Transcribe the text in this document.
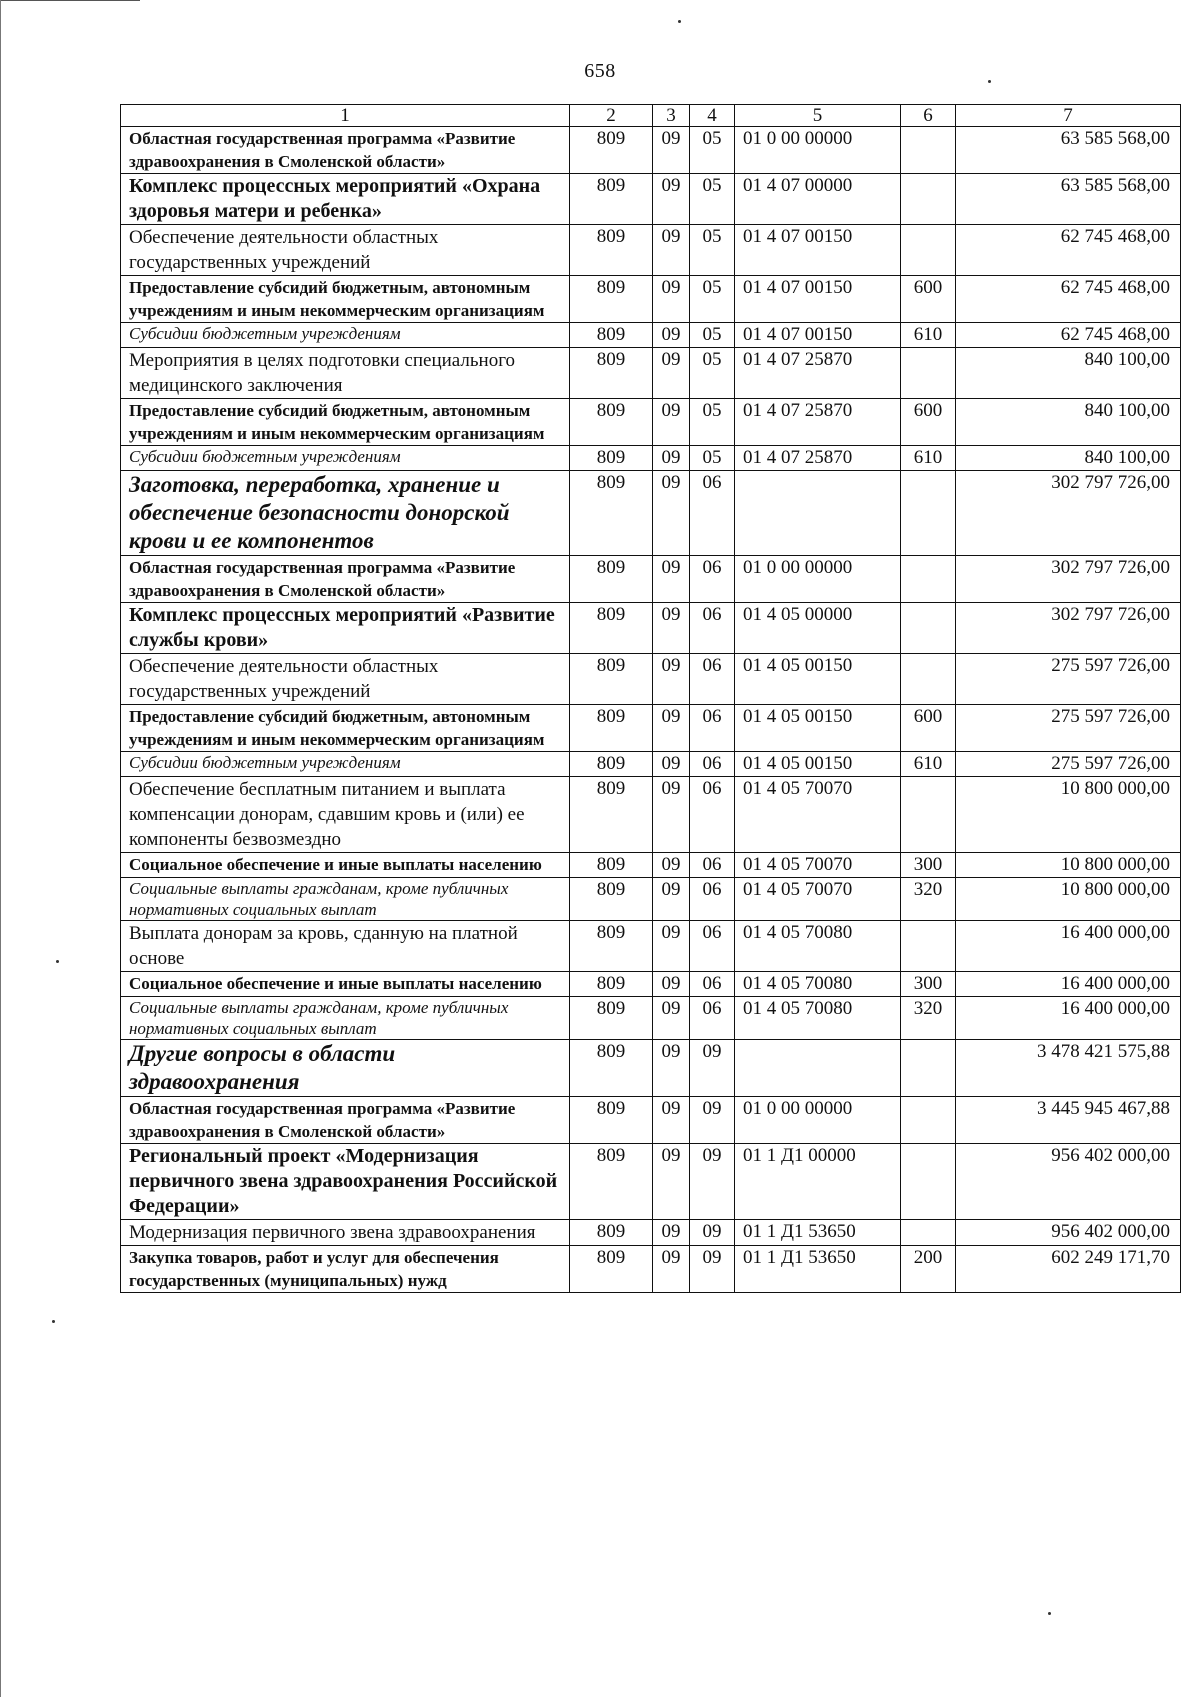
658
1	2	3	4	5	6	7
Областная государственная программа «Развитие здравоохранения в Смоленской области»	809	09	05	01 0 00 00000		63 585 568,00
Комплекс процессных мероприятий «Охрана здоровья матери и ребенка»	809	09	05	01 4 07 00000		63 585 568,00
Обеспечение деятельности областных государственных учреждений	809	09	05	01 4 07 00150		62 745 468,00
Предоставление субсидий бюджетным, автономным учреждениям и иным некоммерческим организациям	809	09	05	01 4 07 00150	600	62 745 468,00
Субсидии бюджетным учреждениям	809	09	05	01 4 07 00150	610	62 745 468,00
Мероприятия в целях подготовки специального медицинского заключения	809	09	05	01 4 07 25870		840 100,00
Предоставление субсидий бюджетным, автономным учреждениям и иным некоммерческим организациям	809	09	05	01 4 07 25870	600	840 100,00
Субсидии бюджетным учреждениям	809	09	05	01 4 07 25870	610	840 100,00
Заготовка, переработка, хранение и обеспечение безопасности донорской крови и ее компонентов	809	09	06			302 797 726,00
Областная государственная программа «Развитие здравоохранения в Смоленской области»	809	09	06	01 0 00 00000		302 797 726,00
Комплекс процессных мероприятий «Развитие службы крови»	809	09	06	01 4 05 00000		302 797 726,00
Обеспечение деятельности областных государственных учреждений	809	09	06	01 4 05 00150		275 597 726,00
Предоставление субсидий бюджетным, автономным учреждениям и иным некоммерческим организациям	809	09	06	01 4 05 00150	600	275 597 726,00
Субсидии бюджетным учреждениям	809	09	06	01 4 05 00150	610	275 597 726,00
Обеспечение бесплатным питанием и выплата компенсации донорам, сдавшим кровь и (или) ее компоненты безвозмездно	809	09	06	01 4 05 70070		10 800 000,00
Социальное обеспечение и иные выплаты населению	809	09	06	01 4 05 70070	300	10 800 000,00
Социальные выплаты гражданам, кроме публичных нормативных социальных выплат	809	09	06	01 4 05 70070	320	10 800 000,00
Выплата донорам за кровь, сданную на платной основе	809	09	06	01 4 05 70080		16 400 000,00
Социальное обеспечение и иные выплаты населению	809	09	06	01 4 05 70080	300	16 400 000,00
Социальные выплаты гражданам, кроме публичных нормативных социальных выплат	809	09	06	01 4 05 70080	320	16 400 000,00
Другие вопросы в области здравоохранения	809	09	09			3 478 421 575,88
Областная государственная программа «Развитие здравоохранения в Смоленской области»	809	09	09	01 0 00 00000		3 445 945 467,88
Региональный проект «Модернизация первичного звена здравоохранения Российской Федерации»	809	09	09	01 1 Д1 00000		956 402 000,00
Модернизация первичного звена здравоохранения	809	09	09	01 1 Д1 53650		956 402 000,00
Закупка товаров, работ и услуг для обеспечения государственных (муниципальных) нужд	809	09	09	01 1 Д1 53650	200	602 249 171,70
